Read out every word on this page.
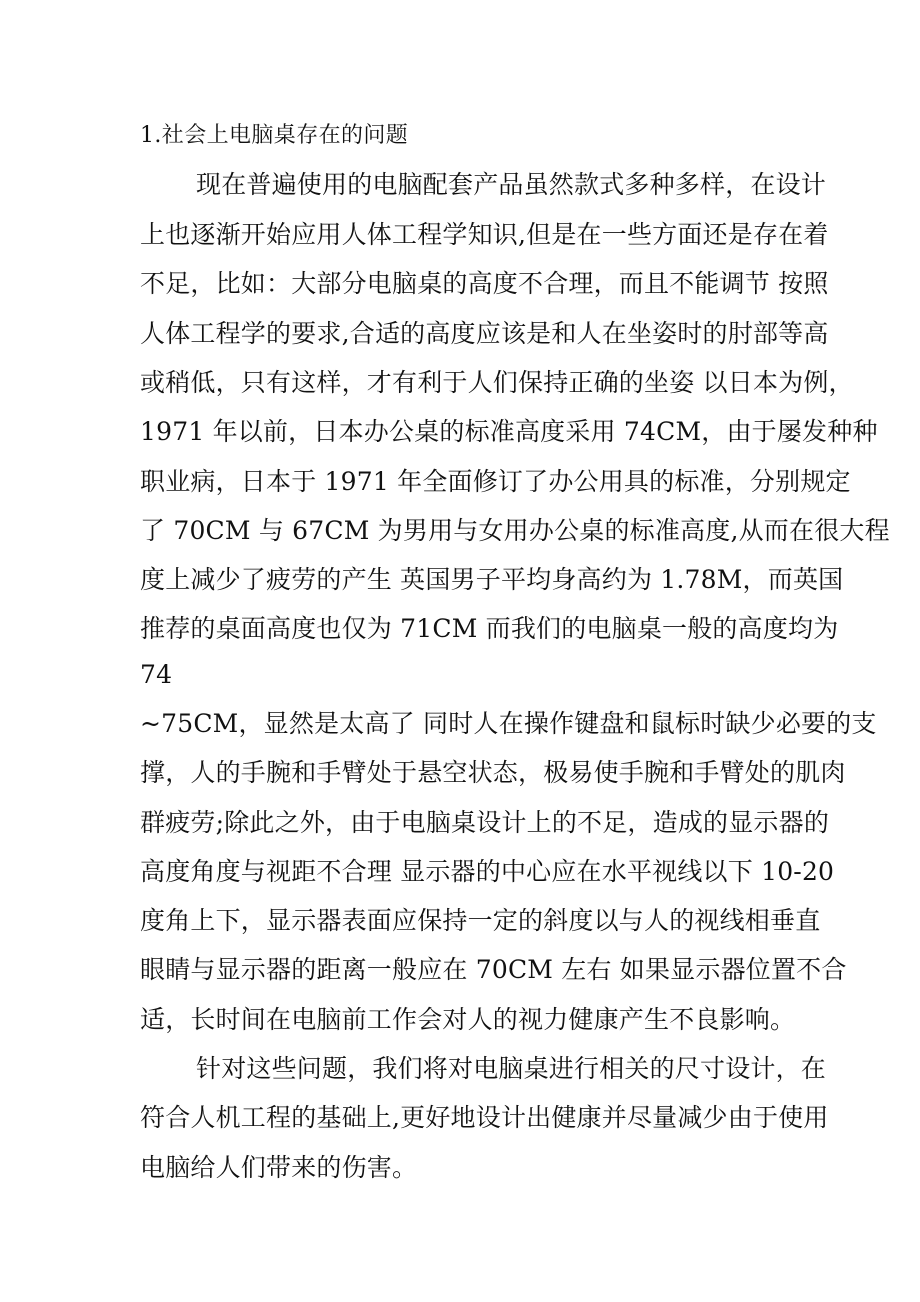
1.社会上电脑桌存在的问题
现在普遍使用的电脑配套产品虽然款式多种多样，在设计
上也逐渐开始应用人体工程学知识,但是在一些方面还是存在着
不足，比如：大部分电脑桌的高度不合理，而且不能调节 按照
人体工程学的要求,合适的高度应该是和人在坐姿时的肘部等高
或稍低，只有这样，才有利于人们保持正确的坐姿 以日本为例，
1971 年以前，日本办公桌的标准高度采用 74CM，由于屡发种种
职业病，日本于 1971 年全面修订了办公用具的标准，分别规定
了 70CM 与 67CM 为男用与女用办公桌的标准高度,从而在很大程
度上减少了疲劳的产生 英国男子平均身高约为 1.78M，而英国
推荐的桌面高度也仅为 71CM 而我们的电脑桌一般的高度均为
74
~75CM，显然是太高了 同时人在操作键盘和鼠标时缺少必要的支
撑，人的手腕和手臂处于悬空状态，极易使手腕和手臂处的肌肉
群疲劳;除此之外，由于电脑桌设计上的不足，造成的显示器的
高度角度与视距不合理 显示器的中心应在水平视线以下 10-20
度角上下，显示器表面应保持一定的斜度以与人的视线相垂直
眼睛与显示器的距离一般应在 70CM 左右 如果显示器位置不合
适，长时间在电脑前工作会对人的视力健康产生不良影响。
针对这些问题，我们将对电脑桌进行相关的尺寸设计，在
符合人机工程的基础上,更好地设计出健康并尽量减少由于使用
电脑给人们带来的伤害。
